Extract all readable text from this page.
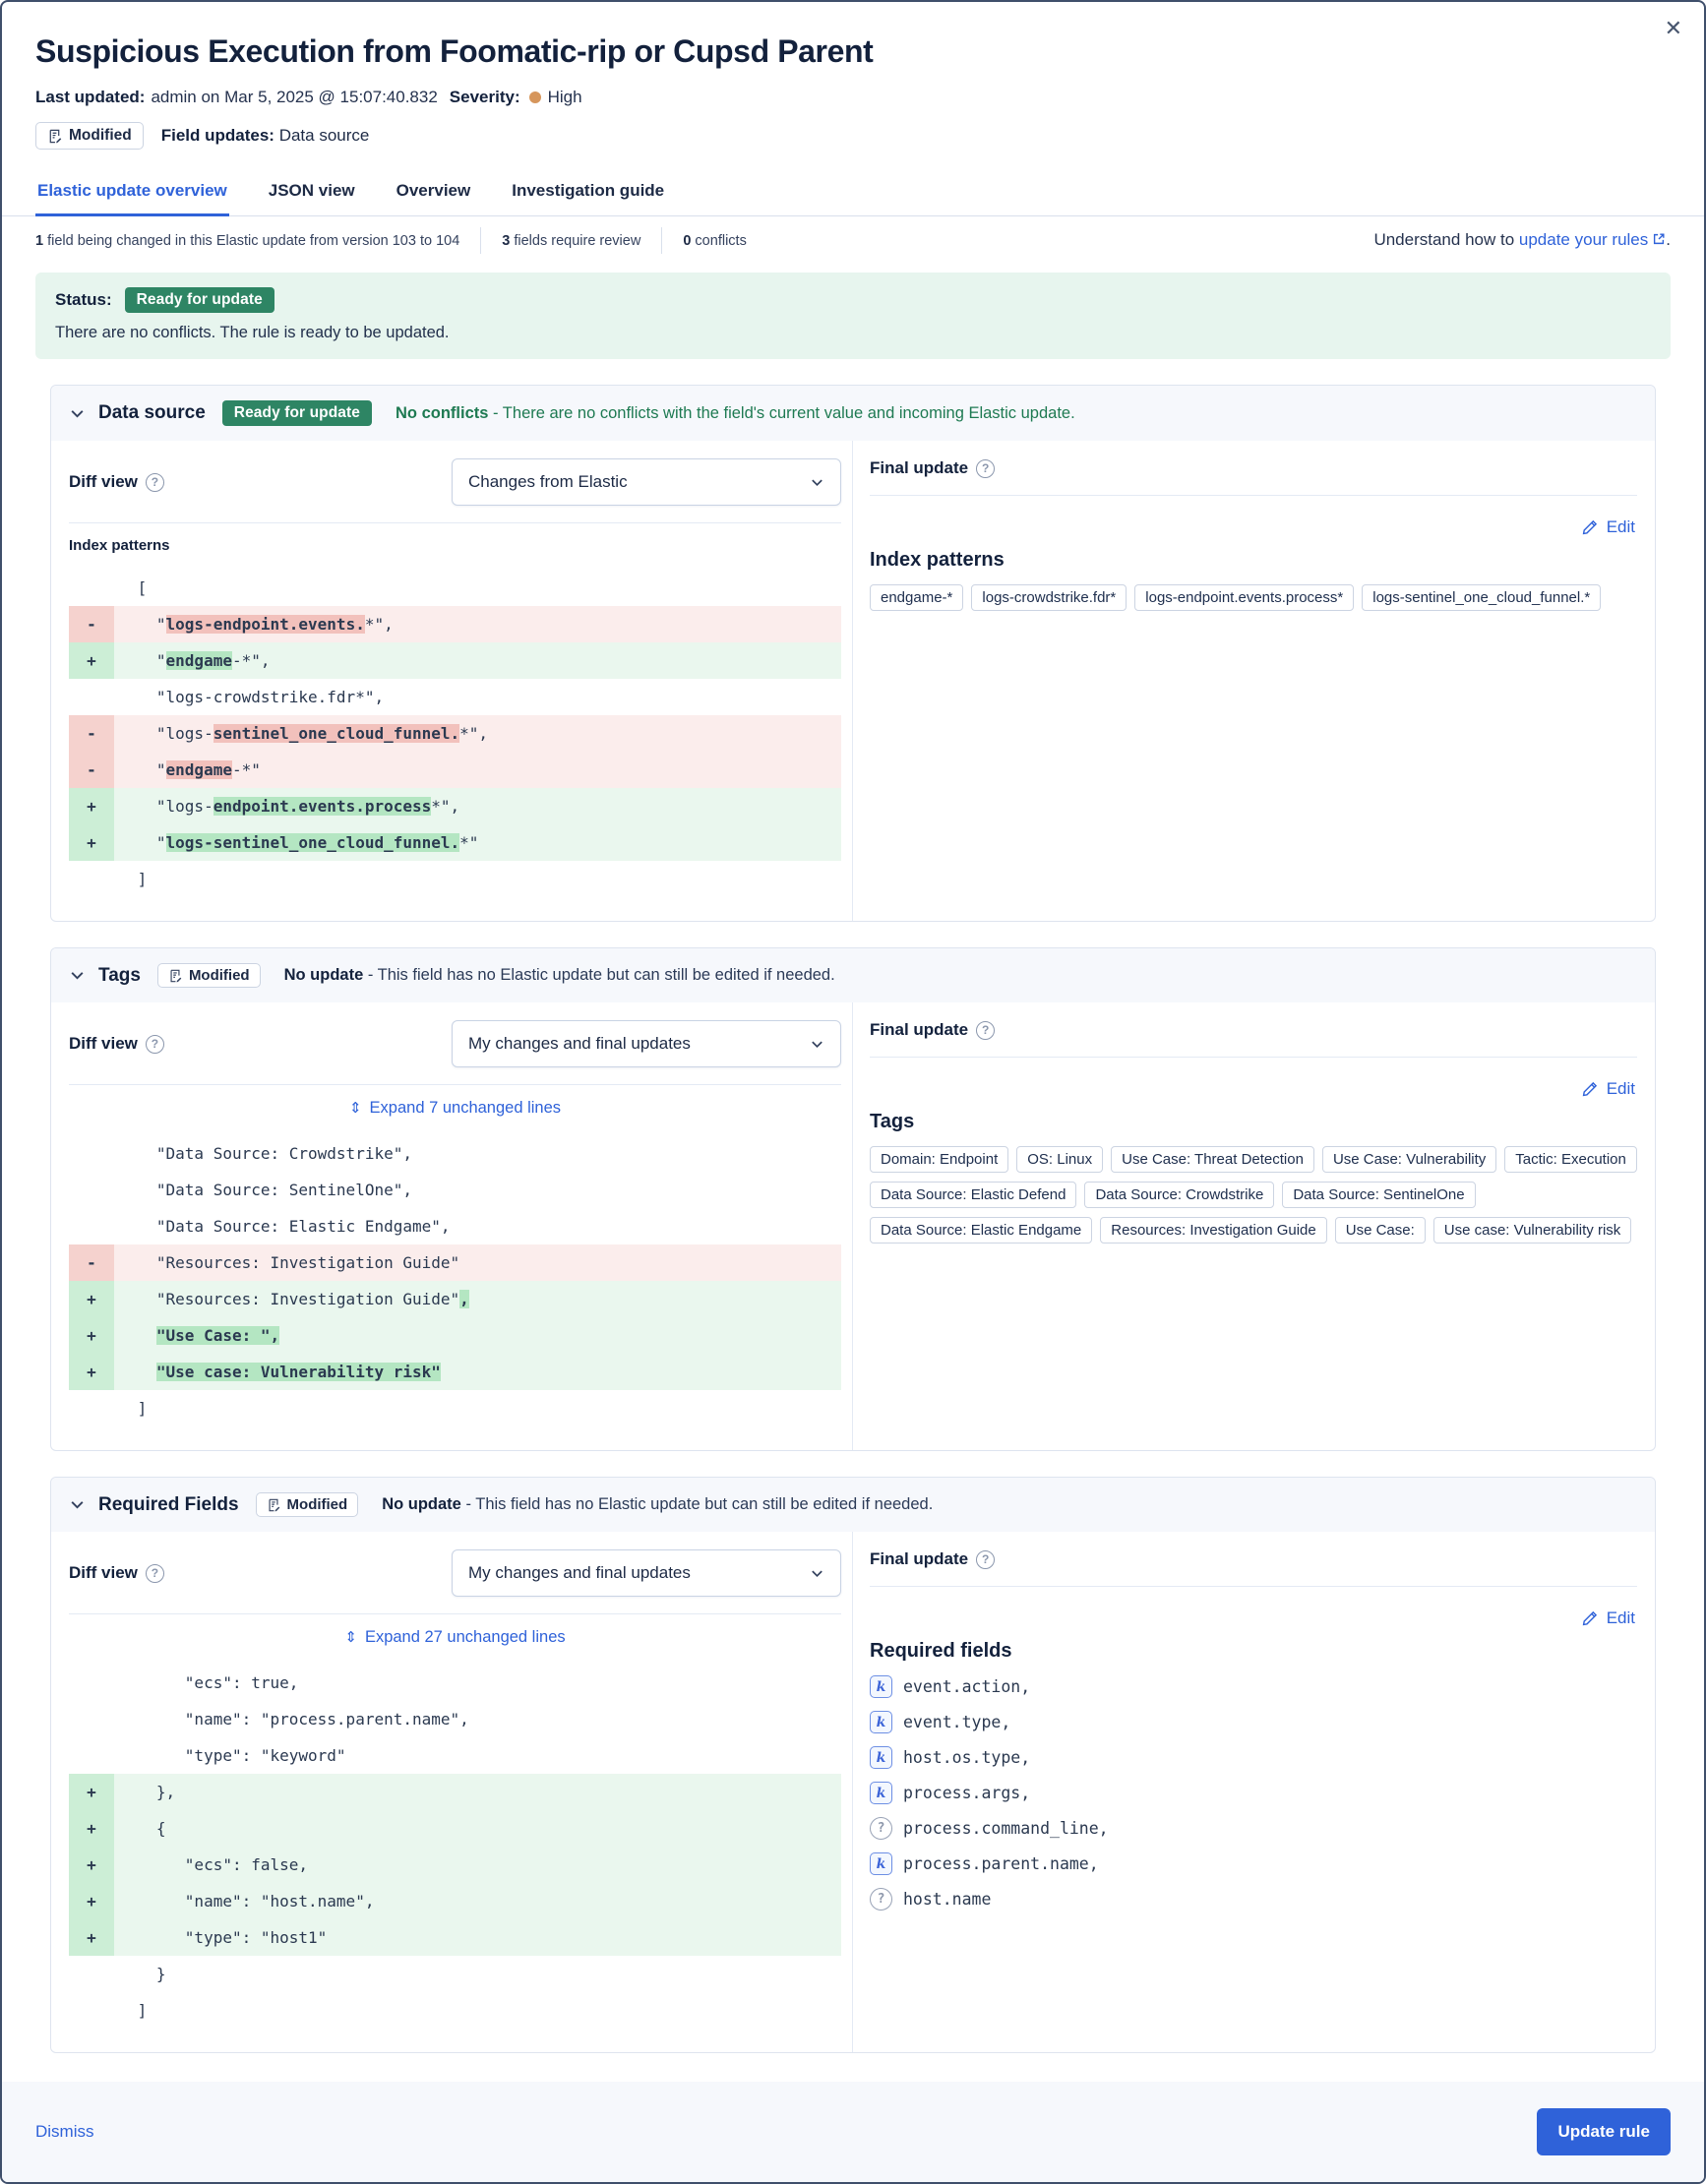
✕
Suspicious Execution from Foomatic-rip or Cupsd Parent
Last updated: admin on Mar 5, 2025 @ 15:07:40.832 Severity: High
Modified Field updates: Data source
Elastic update overview JSON view Overview Investigation guide
1 field being changed in this Elastic update from version 103 to 104	3 fields require review	0 conflicts	Understand how to update your rules .
Status:	Ready for update

There are no conflicts. The rule is ready to be updated.

Data source	Ready for update	No conflicts - There are no conflicts with the field's current value and incoming Elastic update.
Diff view	?	Changes from Elastic
Index patterns
[
-	"logs-endpoint.events.*",
+	"endgame-*",
"logs-crowdstrike.fdr*",
-	"logs-sentinel_one_cloud_funnel.*",
-	"endgame-*"
+	"logs-endpoint.events.process*",
+	"logs-sentinel_one_cloud_funnel.*"
]
Final update	?
Edit
Index patterns
endgame-*	logs-crowdstrike.fdr*	logs-endpoint.events.process*	logs-sentinel_one_cloud_funnel.*
Tags	Modified No update - This field has no Elastic update but can still be edited if needed.
Diff view	?	My changes and final updates
⇕ Expand 7 unchanged lines
"Data Source: Crowdstrike",
"Data Source: SentinelOne",
"Data Source: Elastic Endgame",
-	"Resources: Investigation Guide"
+	"Resources: Investigation Guide",
+	"Use Case: ",
+	"Use case: Vulnerability risk"
]
Final update	?
Edit
Tags
Domain: Endpoint	OS: Linux	Use Case: Threat Detection	Use Case: Vulnerability	Tactic: Execution
Data Source: Elastic Defend	Data Source: Crowdstrike	Data Source: SentinelOne
Data Source: Elastic Endgame	Resources: Investigation Guide	Use Case:	Use case: Vulnerability risk
Required Fields	Modified No update - This field has no Elastic update but can still be edited if needed.
Diff view	?	My changes and final updates
⇕ Expand 27 unchanged lines
"ecs": true,
"name": "process.parent.name",
"type": "keyword"
+	},
+	{
+	"ecs": false,
+	"name": "host.name",
+	"type": "host1"
}
]
Final update	?
Edit
Required fields
k	event.action,
k	event.type,
k	host.os.type,
k	process.args,
?	process.command_line,
k	process.parent.name,
?	host.name
Dismiss	Update rule
